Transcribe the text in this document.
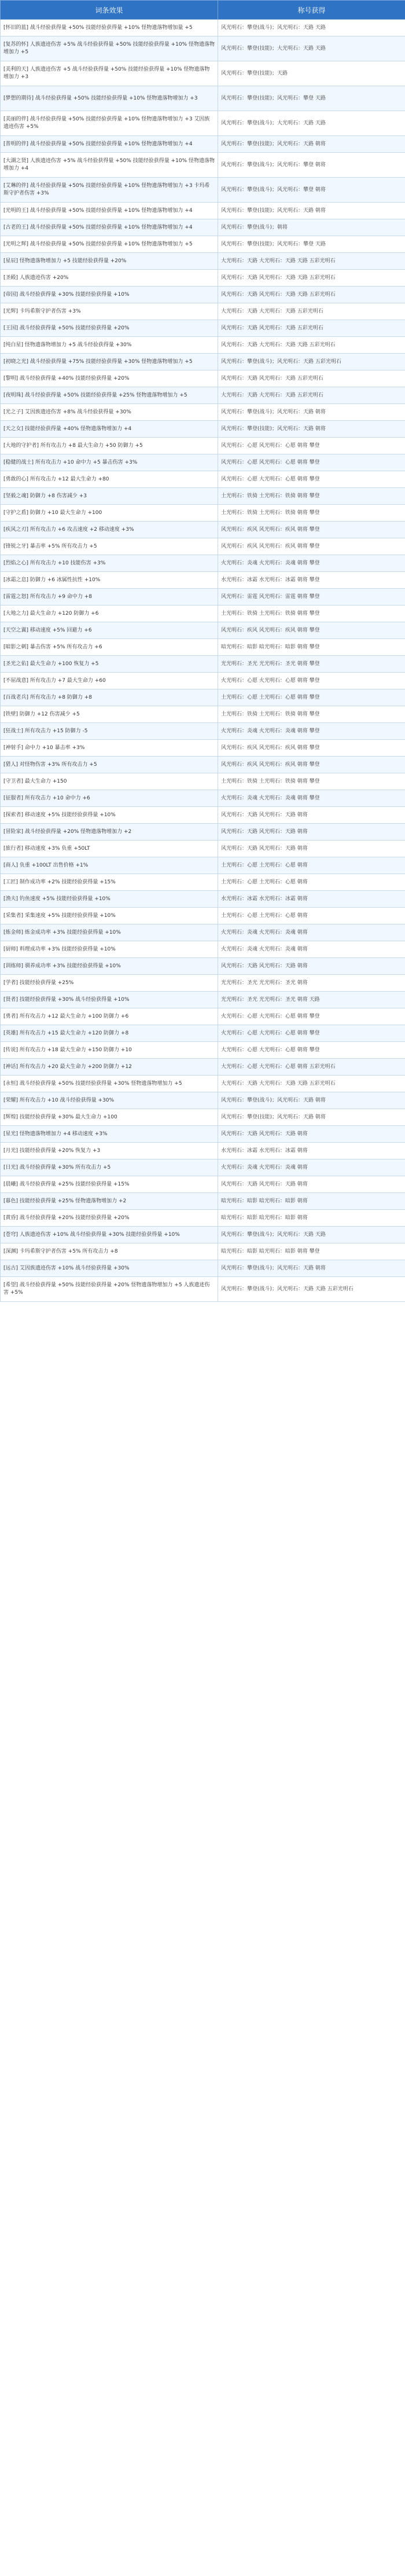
词条效果	称号获得
[怀旧的蓝] 战斗经验获得量 +50% 技能经验获得量 +10% 怪物遗落物增加量 +5	风光明石：攀登(战斗)；风光明石：天路 天路
[复苏的怀] 人族遗迹伤害 +5% 战斗经验获得量 +50% 技能经验获得量 +10% 怪物遗落物增加力 +5	风光明石：攀登(技能)；大光明石：天路 天路
[美利的天] 人族遗迹伤害 +5 战斗经验获得量 +50% 技能经验获得量 +10% 怪物遗落物增加力 +3	风光明石：攀登(技能)；天路
[梦想的期待] 战斗经验获得量 +50% 技能经验获得量 +10% 怪物遗落物增加力 +3	风光明石：攀登(技能)；风光明石：攀登 天路
[美丽的伴] 战斗经验获得量 +50% 技能经验获得量 +10% 怪物遗落物增加力 +3 艾因族遗迹伤害 +5%	风光明石：攀登(战斗)；大光明石：天路 天路
[普明的伴] 战斗经验获得量 +50% 技能经验获得量 +10% 怪物遗落物增加力 +4	风光明石：攀登(技能)；风光明石：天路 朝将
[大湖之贤] 人族遗迹伤害 +5% 战斗经验获得量 +50% 技能经验获得量 +10% 怪物遗落物增加力 +4	风光明石：攀登(战斗)；风光明石：攀登 朝将
[艾琳的伴] 战斗经验获得量 +50% 技能经验获得量 +10% 怪物遗落物增加力 +3 卡玛希斯守护者伤害 +3%	风光明石：攀登(战斗)；风光明石：攀登 朝将
[光明的王] 战斗经验获得量 +50% 技能经验获得量 +10% 怪物遗落物增加力 +4	风光明石：攀登(技能)；风光明石：天路 朝将
[古老的王] 战斗经验获得量 +50% 技能经验获得量 +10% 怪物遗落物增加力 +4	风光明石：攀登(战斗)；朝将
[光明之辉] 战斗经验获得量 +50% 技能经验获得量 +10% 怪物遗落物增加力 +5	风光明石：攀登(技能)；风光明石：攀登 天路
[星辰] 怪物遗落物增加力 +5 技能经验获得量 +20%	大光明石：天路 大光明石：天路 天路 五彩光明石
[圣殿] 人族遗迹伤害 +20%	风光明石：天路 风光明石：天路 天路 五彩光明石
[帝国] 战斗经验获得量 +30% 技能经验获得量 +10%	风光明石：天路 风光明石：天路 天路 五彩光明石
[光辉] 卡玛希斯守护者伤害 +3%	大光明石：天路 大光明石：天路 五彩光明石
[王国] 战斗经验获得量 +50% 技能经验获得量 +20%	风光明石：天路 风光明石：天路 五彩光明石
[纯白星] 怪物遗落物增加力 +5 战斗经验获得量 +30%	风光明石：天路 大光明石：天路 天路 五彩光明石
[初晓之光] 战斗经验获得量 +75% 技能经验获得量 +30% 怪物遗落物增加力 +5	风光明石：攀登(战斗)；风光明石：天路 五彩光明石
[黎明] 战斗经验获得量 +40% 技能经验获得量 +20%	风光明石：天路 风光明石：天路 五彩光明石
[夜明珠] 战斗经验获得量 +50% 技能经验获得量 +25% 怪物遗落物增加力 +5	大光明石：天路 大光明石：天路 五彩光明石
[光之子] 艾因族遗迹伤害 +8% 战斗经验获得量 +30%	风光明石：攀登(战斗)；风光明石：天路 朝将
[天之女] 技能经验获得量 +40% 怪物遗落物增加力 +4	风光明石：攀登(技能)；风光明石：天路 朝将
[大地的守护者] 所有攻击力 +8 最大生命力 +50 防御力 +5	风光明石：心愿 风光明石：心愿 朝将 攀登
[稳健的战士] 所有攻击力 +10 命中力 +5 暴击伤害 +3%	风光明石：心愿 风光明石：心愿 朝将 攀登
[勇敢的心] 所有攻击力 +12 最大生命力 +80	风光明石：心愿 大光明石：心愿 朝将 攀登
[坚毅之魂] 防御力 +8 伤害减少 +3	土光明石：铁骑 土光明石：铁骑 朝将 攀登
[守护之盾] 防御力 +10 最大生命力 +100	土光明石：铁骑 土光明石：铁骑 朝将 攀登
[疾风之刃] 所有攻击力 +6 攻击速度 +2 移动速度 +3%	风光明石：疾风 风光明石：疾风 朝将 攀登
[锋锐之牙] 暴击率 +5% 所有攻击力 +5	风光明石：疾风 风光明石：疾风 朝将 攀登
[烈焰之心] 所有攻击力 +10 技能伤害 +3%	火光明石：炎魂 火光明石：炎魂 朝将 攀登
[冰霜之息] 防御力 +6 冰属性抗性 +10%	水光明石：冰霜 水光明石：冰霜 朝将 攀登
[雷霆之怒] 所有攻击力 +9 命中力 +8	风光明石：雷霆 风光明石：雷霆 朝将 攀登
[大地之力] 最大生命力 +120 防御力 +6	土光明石：铁骑 土光明石：铁骑 朝将 攀登
[天空之翼] 移动速度 +5% 回避力 +6	风光明石：疾风 风光明石：疾风 朝将 攀登
[暗影之刺] 暴击伤害 +5% 所有攻击力 +6	暗光明石：暗影 暗光明石：暗影 朝将 攀登
[圣光之佑] 最大生命力 +100 恢复力 +5	光光明石：圣光 光光明石：圣光 朝将 攀登
[不屈战意] 所有攻击力 +7 最大生命力 +60	火光明石：心愿 火光明石：心愿 朝将 攀登
[百战老兵] 所有攻击力 +8 防御力 +8	土光明石：心愿 土光明石：心愿 朝将 攀登
[铁壁] 防御力 +12 伤害减少 +5	土光明石：铁骑 土光明石：铁骑 朝将 攀登
[狂战士] 所有攻击力 +15 防御力 -5	火光明石：炎魂 火光明石：炎魂 朝将 攀登
[神射手] 命中力 +10 暴击率 +3%	风光明石：疾风 风光明石：疾风 朝将 攀登
[猎人] 对怪物伤害 +3% 所有攻击力 +5	风光明石：疾风 风光明石：疾风 朝将 攀登
[守卫者] 最大生命力 +150	土光明石：铁骑 土光明石：铁骑 朝将 攀登
[征服者] 所有攻击力 +10 命中力 +6	火光明石：炎魂 火光明石：炎魂 朝将 攀登
[探索者] 移动速度 +5% 技能经验获得量 +10%	风光明石：天路 风光明石：天路 朝将
[冒险家] 战斗经验获得量 +20% 怪物遗落物增加力 +2	风光明石：天路 风光明石：天路 朝将
[旅行者] 移动速度 +3% 负重 +50LT	风光明石：天路 风光明石：天路 朝将
[商人] 负重 +100LT 出售价格 +1%	土光明石：心愿 土光明石：心愿 朝将
[工匠] 制作成功率 +2% 技能经验获得量 +15%	土光明石：心愿 土光明石：心愿 朝将
[渔夫] 钓鱼速度 +5% 技能经验获得量 +10%	水光明石：冰霜 水光明石：冰霜 朝将
[采集者] 采集速度 +5% 技能经验获得量 +10%	土光明石：心愿 土光明石：心愿 朝将
[炼金师] 炼金成功率 +3% 技能经验获得量 +10%	火光明石：炎魂 火光明石：炎魂 朝将
[厨师] 料理成功率 +3% 技能经验获得量 +10%	火光明石：炎魂 火光明石：炎魂 朝将
[训练师] 驯养成功率 +3% 技能经验获得量 +10%	风光明石：天路 风光明石：天路 朝将
[学者] 技能经验获得量 +25%	光光明石：圣光 光光明石：圣光 朝将
[贤者] 技能经验获得量 +30% 战斗经验获得量 +10%	光光明石：圣光 光光明石：圣光 朝将 天路
[勇者] 所有攻击力 +12 最大生命力 +100 防御力 +6	火光明石：心愿 大光明石：心愿 朝将 攀登
[英雄] 所有攻击力 +15 最大生命力 +120 防御力 +8	火光明石：心愿 大光明石：心愿 朝将 攀登
[传说] 所有攻击力 +18 最大生命力 +150 防御力 +10	大光明石：心愿 大光明石：心愿 朝将 攀登
[神话] 所有攻击力 +20 最大生命力 +200 防御力 +12	大光明石：心愿 大光明石：心愿 朝将 五彩光明石
[永恒] 战斗经验获得量 +50% 技能经验获得量 +30% 怪物遗落物增加力 +5	大光明石：天路 大光明石：天路 天路 五彩光明石
[荣耀] 所有攻击力 +10 战斗经验获得量 +30%	风光明石：攀登(战斗)；风光明石：天路 朝将
[辉煌] 技能经验获得量 +30% 最大生命力 +100	风光明石：攀登(技能)；风光明石：天路 朝将
[星光] 怪物遗落物增加力 +4 移动速度 +3%	风光明石：天路 风光明石：天路 朝将
[月光] 技能经验获得量 +20% 恢复力 +3	水光明石：冰霜 水光明石：冰霜 朝将
[日光] 战斗经验获得量 +30% 所有攻击力 +5	火光明石：炎魂 火光明石：炎魂 朝将
[晨曦] 战斗经验获得量 +25% 技能经验获得量 +15%	风光明石：天路 风光明石：天路 朝将
[暮色] 技能经验获得量 +25% 怪物遗落物增加力 +2	暗光明石：暗影 暗光明石：暗影 朝将
[黄昏] 战斗经验获得量 +20% 技能经验获得量 +20%	暗光明石：暗影 暗光明石：暗影 朝将
[苍穹] 人族遗迹伤害 +10% 战斗经验获得量 +30% 技能经验获得量 +10%	风光明石：攀登(战斗)；风光明石：天路 天路
[深渊] 卡玛希斯守护者伤害 +5% 所有攻击力 +8	暗光明石：暗影 暗光明石：暗影 朝将 攀登
[远古] 艾因族遗迹伤害 +10% 战斗经验获得量 +30%	风光明石：攀登(战斗)；风光明石：天路 朝将
[希望] 战斗经验获得量 +50% 技能经验获得量 +20% 怪物遗落物增加力 +5 人族遗迹伤害 +5%	风光明石：攀登(战斗)；风光明石：天路 天路 五彩光明石
